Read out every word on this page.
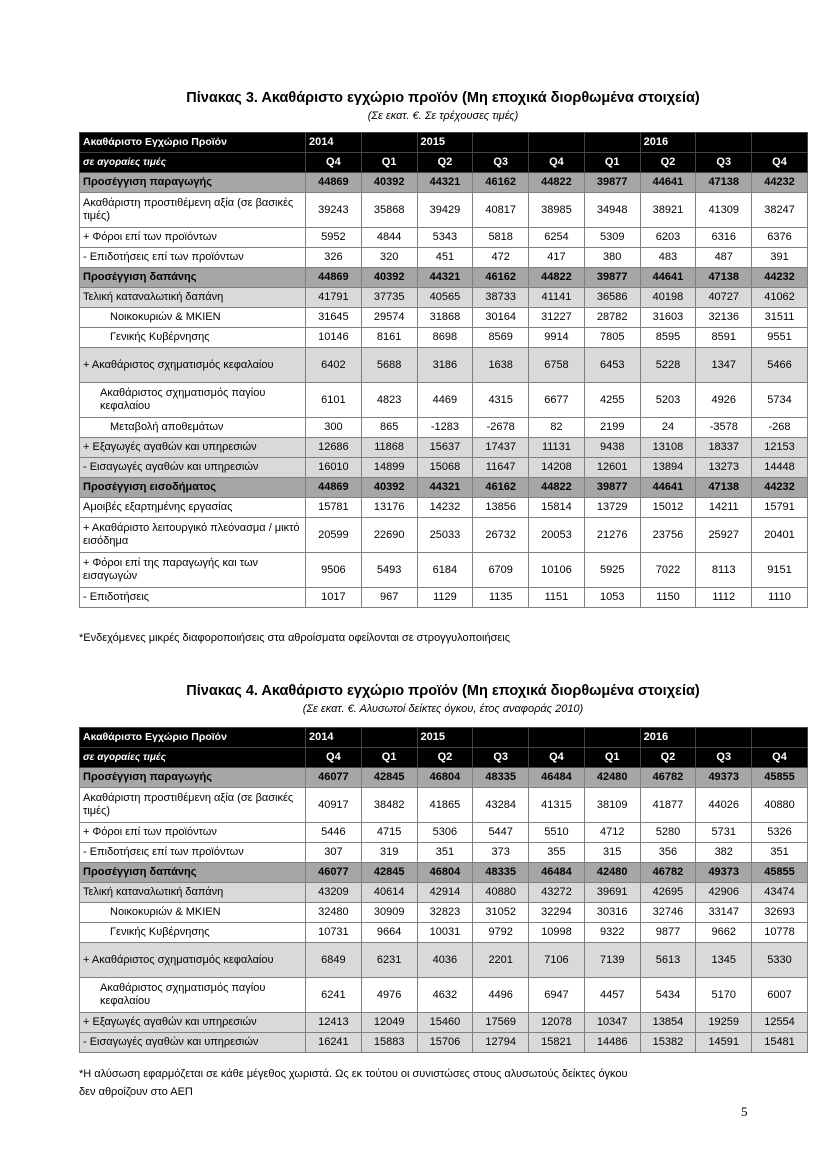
Πίνακας 3. Ακαθάριστο εγχώριο προϊόν (Μη εποχικά διορθωμένα στοιχεία)
(Σε εκατ. €. Σε τρέχουσες τιμές)
Ακαθάριστο Εγχώριο Προϊόν	2014		2015				2016		
σε αγοραίες τιμές	Q4	Q1	Q2	Q3	Q4	Q1	Q2	Q3	Q4
Προσέγγιση παραγωγής	44869	40392	44321	46162	44822	39877	44641	47138	44232
Ακαθάριστη προστιθέμενη αξία (σε βασικές τιμές)	39243	35868	39429	40817	38985	34948	38921	41309	38247
+ Φόροι επί των προϊόντων	5952	4844	5343	5818	6254	5309	6203	6316	6376
- Επιδοτήσεις επί των προϊόντων	326	320	451	472	417	380	483	487	391
Προσέγγιση δαπάνης	44869	40392	44321	46162	44822	39877	44641	47138	44232
Τελική καταναλωτική δαπάνη	41791	37735	40565	38733	41141	36586	40198	40727	41062
Νοικοκυριών & ΜΚΙΕΝ	31645	29574	31868	30164	31227	28782	31603	32136	31511
Γενικής Κυβέρνησης	10146	8161	8698	8569	9914	7805	8595	8591	9551
+ Ακαθάριστος σχηματισμός κεφαλαίου	6402	5688	3186	1638	6758	6453	5228	1347	5466
Ακαθάριστος σχηματισμός παγίου κεφαλαίου	6101	4823	4469	4315	6677	4255	5203	4926	5734
Μεταβολή αποθεμάτων	300	865	-1283	-2678	82	2199	24	-3578	-268
+ Εξαγωγές αγαθών και υπηρεσιών	12686	11868	15637	17437	11131	9438	13108	18337	12153
- Εισαγωγές αγαθών και υπηρεσιών	16010	14899	15068	11647	14208	12601	13894	13273	14448
Προσέγγιση εισοδήματος	44869	40392	44321	46162	44822	39877	44641	47138	44232
Αμοιβές εξαρτημένης εργασίας	15781	13176	14232	13856	15814	13729	15012	14211	15791
+ Ακαθάριστο λειτουργικό πλεόνασμα / μικτό εισόδημα	20599	22690	25033	26732	20053	21276	23756	25927	20401
+ Φόροι επί της παραγωγής και των εισαγωγών	9506	5493	6184	6709	10106	5925	7022	8113	9151
- Επιδοτήσεις	1017	967	1129	1135	1151	1053	1150	1112	1110
*Ενδεχόμενες μικρές διαφοροποιήσεις στα αθροίσματα οφείλονται σε στρογγυλοποιήσεις
Πίνακας 4. Ακαθάριστο εγχώριο προϊόν (Μη εποχικά διορθωμένα στοιχεία)
(Σε εκατ. €. Αλυσωτοί δείκτες όγκου, έτος αναφοράς 2010)
Ακαθάριστο Εγχώριο Προϊόν	2014		2015				2016		
σε αγοραίες τιμές	Q4	Q1	Q2	Q3	Q4	Q1	Q2	Q3	Q4
Προσέγγιση παραγωγής	46077	42845	46804	48335	46484	42480	46782	49373	45855
Ακαθάριστη προστιθέμενη αξία (σε βασικές τιμές)	40917	38482	41865	43284	41315	38109	41877	44026	40880
+ Φόροι επί των προϊόντων	5446	4715	5306	5447	5510	4712	5280	5731	5326
- Επιδοτήσεις επί των προϊόντων	307	319	351	373	355	315	356	382	351
Προσέγγιση δαπάνης	46077	42845	46804	48335	46484	42480	46782	49373	45855
Τελική καταναλωτική δαπάνη	43209	40614	42914	40880	43272	39691	42695	42906	43474
Νοικοκυριών & ΜΚΙΕΝ	32480	30909	32823	31052	32294	30316	32746	33147	32693
Γενικής Κυβέρνησης	10731	9664	10031	9792	10998	9322	9877	9662	10778
+ Ακαθάριστος σχηματισμός κεφαλαίου	6849	6231	4036	2201	7106	7139	5613	1345	5330
Ακαθάριστος σχηματισμός παγίου κεφαλαίου	6241	4976	4632	4496	6947	4457	5434	5170	6007
+ Εξαγωγές αγαθών και υπηρεσιών	12413	12049	15460	17569	12078	10347	13854	19259	12554
- Εισαγωγές αγαθών και υπηρεσιών	16241	15883	15706	12794	15821	14486	15382	14591	15481
*Η αλύσωση εφαρμόζεται σε κάθε μέγεθος χωριστά. Ως εκ τούτου οι συνιστώσες στους αλυσωτούς δείκτες όγκου
δεν αθροίζουν στο ΑΕΠ
5
